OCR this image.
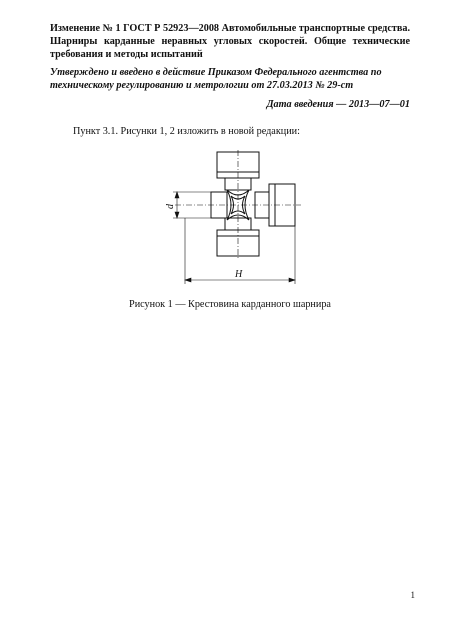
Изменение № 1 ГОСТ Р 52923—2008 Автомобильные транспортные средства. Шарниры карданные неравных угловых скоростей. Общие технические требования и методы испытаний
Утверждено и введено в действие Приказом Федерального агентства по техническому регулированию и метрологии от 27.03.2013 № 29-ст
Дата введения — 2013—07—01
Пункт 3.1. Рисунки 1, 2 изложить в новой редакции:
d
H
Рисунок 1 — Крестовина карданного шарнира
1
